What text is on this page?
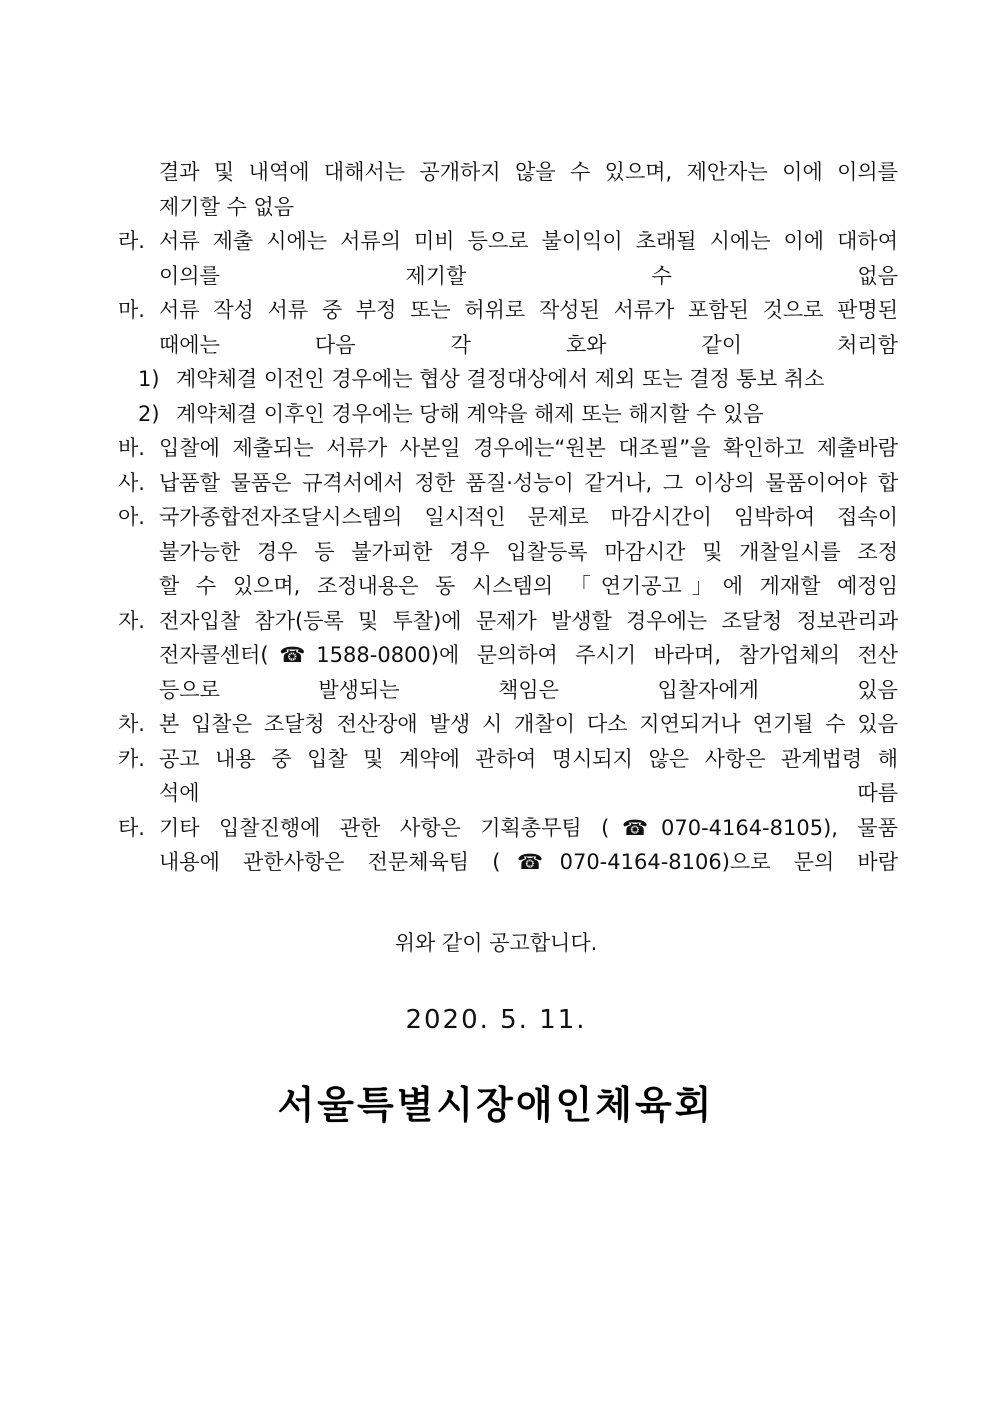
결과 및 내역에 대해서는 공개하지 않을 수 있으며, 제안자는 이에 이의를
제기할 수 없음
라. 서류 제출 시에는 서류의 미비 등으로 불이익이 초래될 시에는 이에 대하여
이의를 제기할 수 없음
마. 서류 작성 서류 중 부정 또는 허위로 작성된 서류가 포함된 것으로 판명된
때에는 다음 각 호와 같이 처리함
1) 계약체결 이전인 경우에는 협상 결정대상에서 제외 또는 결정 통보 취소
2) 계약체결 이후인 경우에는 당해 계약을 해제 또는 해지할 수 있음
바. 입찰에 제출되는 서류가 사본일 경우에는“원본 대조필”을 확인하고 제출바람
사. 납품할 물품은 규격서에서 정한 품질·성능이 같거나, 그 이상의 물품이어야 합
아. 국가종합전자조달시스템의 일시적인 문제로 마감시간이 임박하여 접속이
불가능한 경우 등 불가피한 경우 입찰등록 마감시간 및 개찰일시를 조정
할 수 있으며, 조정내용은 동 시스템의 「연기공고」에 게재할 예정임
자. 전자입찰 참가(등록 및 투찰)에 문제가 발생할 경우에는 조달청 정보관리과
전자콜센터(☎1588-0800)에 문의하여 주시기 바라며, 참가업체의 전산
등으로 발생되는 책임은 입찰자에게 있음
차. 본 입찰은 조달청 전산장애 발생 시 개찰이 다소 지연되거나 연기될 수 있음
카. 공고 내용 중 입찰 및 계약에 관하여 명시되지 않은 사항은 관계법령 해
석에 따름
타. 기타 입찰진행에 관한 사항은 기획총무팀 (☎070-4164-8105), 물품
내용에 관한사항은 전문체육팀 (☎070-4164-8106)으로 문의 바람
위와 같이 공고합니다.
2020. 5. 11.
서울특별시장애인체육회
